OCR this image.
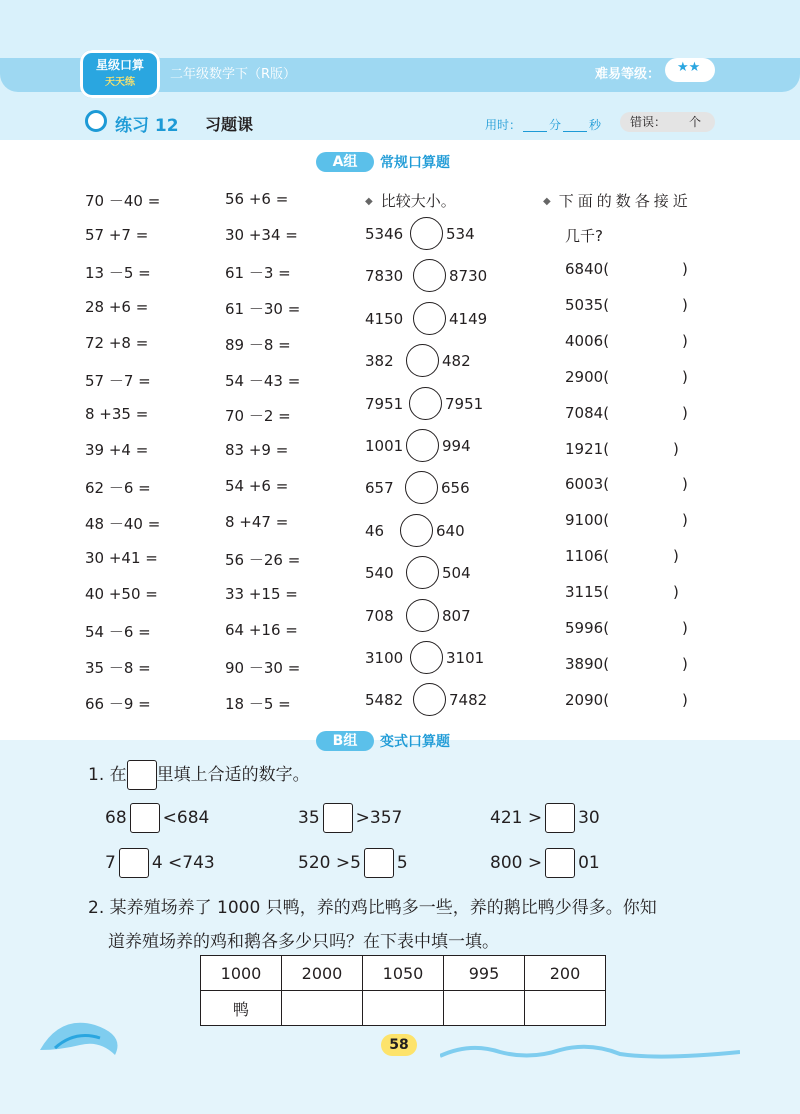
星级口算
天天练
二年级数学下（R版）	难易等级： ★★
练习 12 习题课	用时： 分 秒	错误： 个
A组	常规口算题
70 －40 =
57 +7 =
13 －5 =
28 +6 =
72 +8 =
57 －7 =
8 +35 =
39 +4 =
62 －6 =
48 －40 =
30 +41 =
40 +50 =
54 －6 =
35 －8 =
66 －9 =
56 +6 =
30 +34 =
61 －3 =
61 －30 =
89 －8 =
54 －43 =
70 －2 =
83 +9 =
54 +6 =
8 +47 =
56 －26 =
33 +15 =
64 +16 =
90 －30 =
18 －5 =
◆ 比较大小。
5346	534
7830	8730
4150	4149
382	482
7951	7951
1001	994
657	656
46	640
540	504
708	807
3100	3101
5482	7482
◆ 下面的数各接近
几千?
6840(	)
5035(	)
4006(	)
2900(	)
7084(	)
1921(	)
6003(	)
9100(	)
1106(	)
3115(	)
5996(	)
3890(	)
2090(	)
B组	变式口算题
1. 在 里填上合适的数字。
68 <684	35 >357	421 > 30
7 4 <743	520 >5 5	800 > 01
2. 某养殖场养了 1000 只鸭，养的鸡比鸭多一些，养的鹅比鸭少得多。你知
道养殖场养的鸡和鹅各多少只吗？在下表中填一填。
1000	2000	1050	995	200
鸭				
58
